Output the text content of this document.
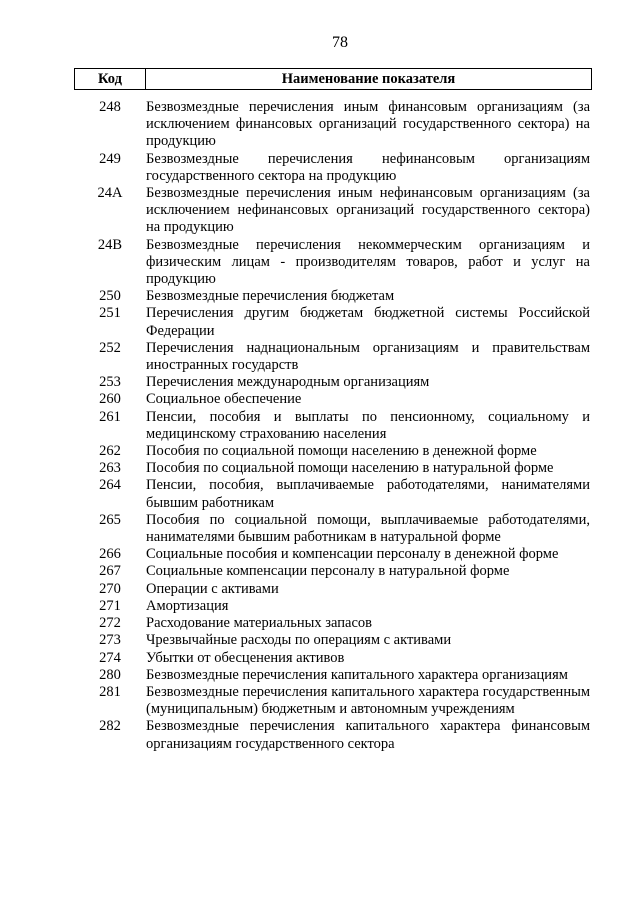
78
Код	Наименование показателя
248	Безвозмездные перечисления иным финансовым организациям (за исключением финансовых организаций государственного сектора) на продукцию
249	Безвозмездные перечисления нефинансовым организациям государственного сектора на продукцию
24А	Безвозмездные перечисления иным нефинансовым организациям (за исключением нефинансовых организаций государственного сектора) на продукцию
24В	Безвозмездные перечисления некоммерческим организациям и физическим лицам - производителям товаров, работ и услуг на продукцию
250	Безвозмездные перечисления бюджетам
251	Перечисления другим бюджетам бюджетной системы Российской Федерации
252	Перечисления наднациональным организациям и правительствам иностранных государств
253	Перечисления международным организациям
260	Социальное обеспечение
261	Пенсии, пособия и выплаты по пенсионному, социальному и медицинскому страхованию населения
262	Пособия по социальной помощи населению в денежной форме
263	Пособия по социальной помощи населению в натуральной форме
264	Пенсии, пособия, выплачиваемые работодателями, нанимателями бывшим работникам
265	Пособия по социальной помощи, выплачиваемые работодателями, нанимателями бывшим работникам в натуральной форме
266	Социальные пособия и компенсации персоналу в денежной форме
267	Социальные компенсации персоналу в натуральной форме
270	Операции с активами
271	Амортизация
272	Расходование материальных запасов
273	Чрезвычайные расходы по операциям с активами
274	Убытки от обесценения активов
280	Безвозмездные перечисления капитального характера организациям
281	Безвозмездные перечисления капитального характера государственным (муниципальным) бюджетным и автономным учреждениям
282	Безвозмездные перечисления капитального характера финансовым организациям государственного сектора
